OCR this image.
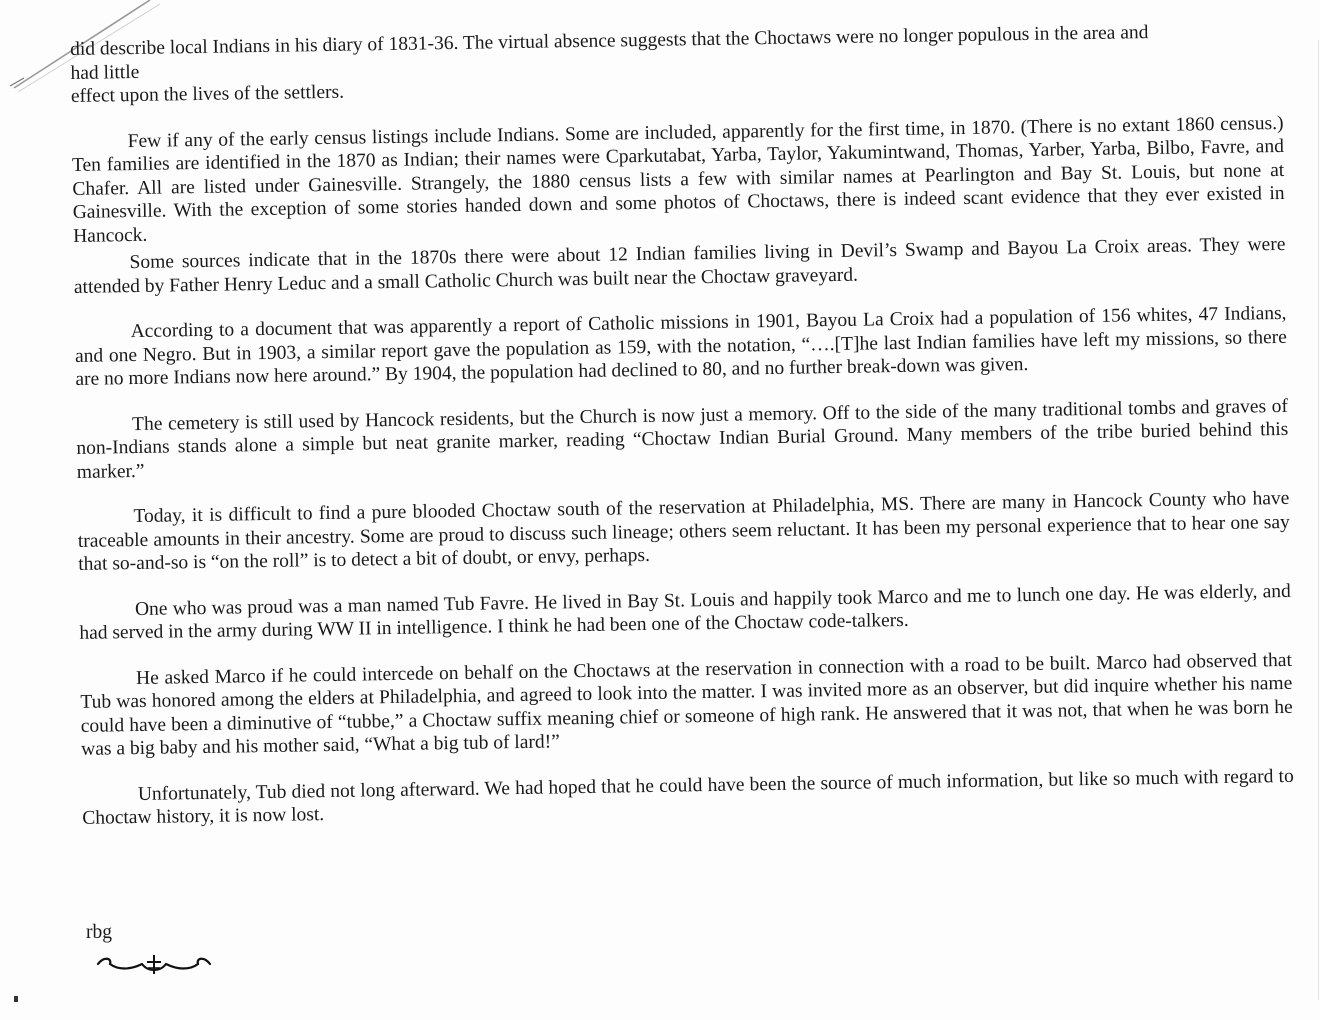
did describe local Indians in his diary of 1831-36. The virtual absence suggests that the Choctaws were no longer populous in the area and
had little
effect upon the lives of the settlers.

Few if any of the early census listings include Indians. Some are included, apparently for the first time, in 1870. (There is no extant 1860 census.) Ten families are identified in the 1870 as Indian; their names were Cparkutabat, Yarba, Taylor, Yakumintwand, Thomas, Yarber, Yarba, Bilbo, Favre, and Chafer. All are listed under Gainesville. Strangely, the 1880 census lists a few with similar names at Pearlington and Bay St. Louis, but none at Gainesville. With the exception of some stories handed down and some photos of Choctaws, there is indeed scant evidence that they ever existed in Hancock.

Some sources indicate that in the 1870s there were about 12 Indian families living in Devil’s Swamp and Bayou La Croix areas. They were attended by Father Henry Leduc and a small Catholic Church was built near the Choctaw graveyard.

According to a document that was apparently a report of Catholic missions in 1901, Bayou La Croix had a population of 156 whites, 47 Indians, and one Negro. But in 1903, a similar report gave the population as 159, with the notation, “….[T]he last Indian families have left my missions, so there are no more Indians now here around.” By 1904, the population had declined to 80, and no further break-down was given.

The cemetery is still used by Hancock residents, but the Church is now just a memory. Off to the side of the many traditional tombs and graves of non-Indians stands alone a simple but neat granite marker, reading “Choctaw Indian Burial Ground. Many members of the tribe buried behind this marker.”

Today, it is difficult to find a pure blooded Choctaw south of the reservation at Philadelphia, MS. There are many in Hancock County who have traceable amounts in their ancestry. Some are proud to discuss such lineage; others seem reluctant. It has been my personal experience that to hear one say that so-and-so is “on the roll” is to detect a bit of doubt, or envy, perhaps.

One who was proud was a man named Tub Favre. He lived in Bay St. Louis and happily took Marco and me to lunch one day. He was elderly, and had served in the army during WW II in intelligence. I think he had been one of the Choctaw code-talkers.

He asked Marco if he could intercede on behalf on the Choctaws at the reservation in connection with a road to be built. Marco had observed that Tub was honored among the elders at Philadelphia, and agreed to look into the matter. I was invited more as an observer, but did inquire whether his name could have been a diminutive of “tubbe,” a Choctaw suffix meaning chief or someone of high rank. He answered that it was not, that when he was born he was a big baby and his mother said, “What a big tub of lard!”

Unfortunately, Tub died not long afterward. We had hoped that he could have been the source of much information, but like so much with regard to Choctaw history, it is now lost.

rbg
